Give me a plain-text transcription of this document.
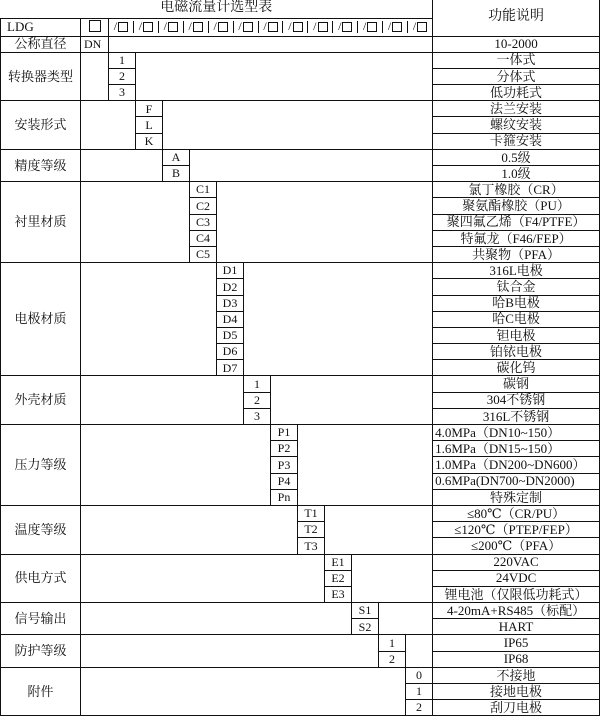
电磁流量计选型表														功能说明
LDG		/ / / / / / / / / / / / /

公称直径	DN													10-2000
转换器类型		1												一体式
		2												分体式
		3												低功耗式
安装形式			F											法兰安装
			L											螺纹安装
			K											卡箍安装
精度等级				A										0.5级
				B										1.0级
衬里材质					C1									氯丁橡胶（CR）
					C2									聚氨酯橡胶（PU）
					C3									聚四氟乙烯（F4/PTFE）
					C4									特氟龙（F46/FEP）
					C5									共聚物（PFA）
电极材质						D1								316L电极
						D2								钛合金
						D3								哈B电极
						D4								哈C电极
						D5								钽电极
						D6								铂铱电极
						D7								碳化钨
外壳材质							1							碳钢
							2							304不锈钢
							3							316L不锈钢
压力等级								P1						4.0MPa（DN10~150）
								P2						1.6MPa（DN15~150）
								P3						1.0MPa（DN200~DN600）
								P4						0.6MPa(DN700~DN2000)
								Pn						特殊定制
温度等级									T1					≤80℃（CR/PU）
									T2					≤120℃（PTEP/FEP）
									T3					≤200℃（PFA）
供电方式										E1				220VAC
										E2				24VDC
										E3				锂电池（仅限低功耗式）
信号输出											S1			4-20mA+RS485（标配）
											S2			HART
防护等级												1		IP65
												2		IP68
附件													0	不接地
													1	接地电极
													2	刮刀电极
